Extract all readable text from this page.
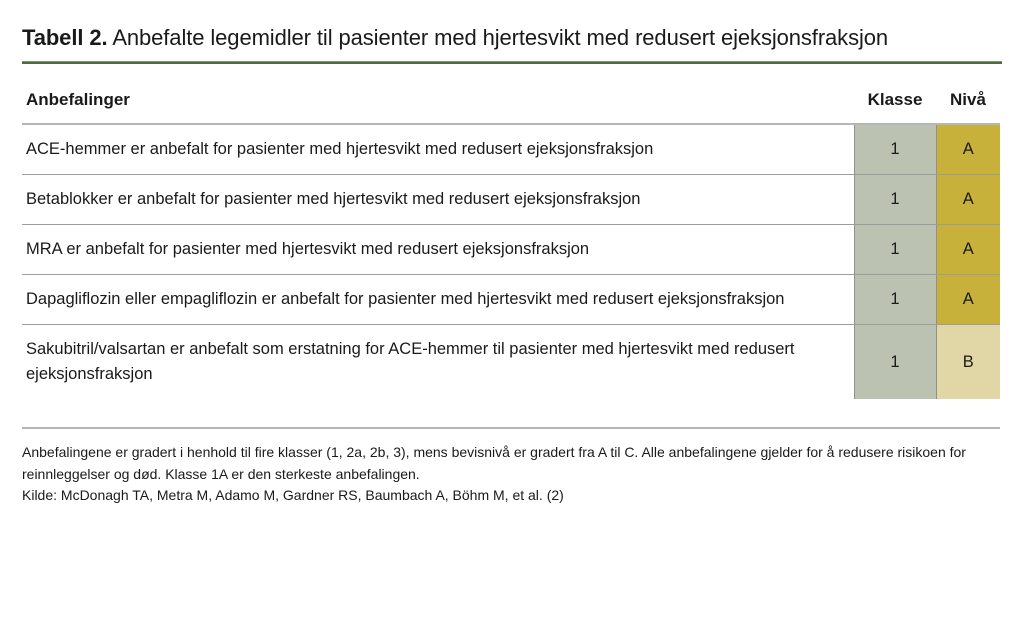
Tabell 2. Anbefalte legemidler til pasienter med hjertesvikt med redusert ejeksjonsfraksjon
Anbefalinger	Klasse	Nivå
ACE-hemmer er anbefalt for pasienter med hjertesvikt med redusert ejeksjonsfraksjon	1	A
Betablokker er anbefalt for pasienter med hjertesvikt med redusert ejeksjonsfraksjon	1	A
MRA er anbefalt for pasienter med hjertesvikt med redusert ejeksjonsfraksjon	1	A
Dapagliflozin eller empagliflozin er anbefalt for pasienter med hjertesvikt med redusert ejeksjonsfraksjon	1	A
Sakubitril/valsartan er anbefalt som erstatning for ACE-hemmer til pasienter med hjertesvikt med redusert ejeksjonsfraksjon	1	B

Anbefalingene er gradert i henhold til fire klasser (1, 2a, 2b, 3), mens bevisnivå er gradert fra A til C. Alle anbefalingene gjelder for å redusere risikoen for reinnleggelser og død. Klasse 1A er den sterkeste anbefalingen.

Kilde: McDonagh TA, Metra M, Adamo M, Gardner RS, Baumbach A, Böhm M, et al. (2)
